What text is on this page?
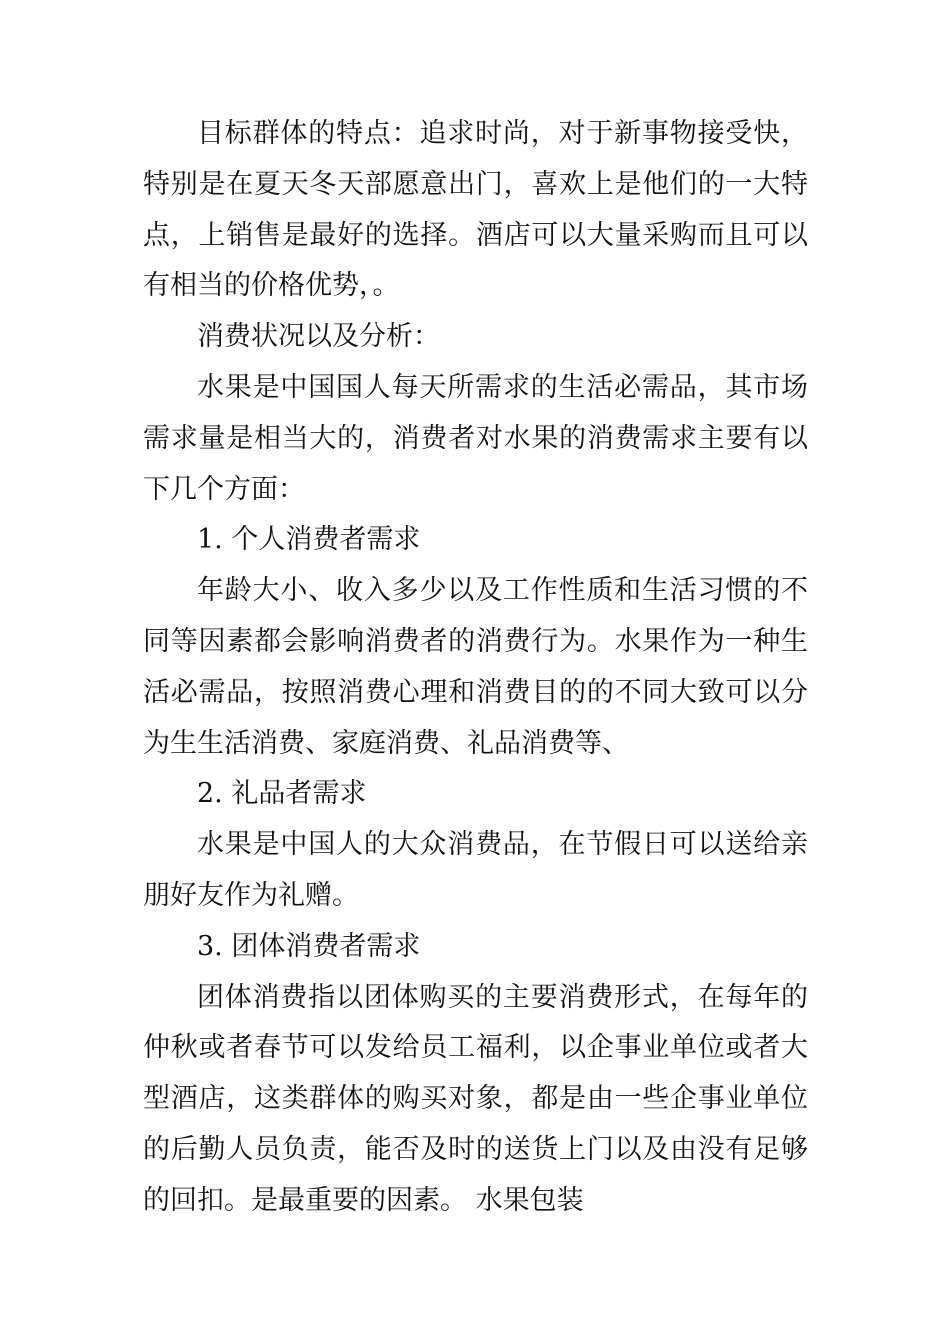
目标群体的特点：追求时尚，对于新事物接受快，特别是在夏天冬天部愿意出门，喜欢上是他们的一大特点，上销售是最好的选择。酒店可以大量采购而且可以有相当的价格优势，。

消费状况以及分析：

水果是中国国人每天所需求的生活必需品，其市场需求量是相当大的，消费者对水果的消费需求主要有以下几个方面：

1. 个人消费者需求

年龄大小、收入多少以及工作性质和生活习惯的不同等因素都会影响消费者的消费行为。水果作为一种生活必需品，按照消费心理和消费目的的不同大致可以分为生生活消费、家庭消费、礼品消费等、

2. 礼品者需求

水果是中国人的大众消费品，在节假日可以送给亲朋好友作为礼赠。

3. 团体消费者需求

团体消费指以团体购买的主要消费形式，在每年的仲秋或者春节可以发给员工福利，以企事业单位或者大型酒店，这类群体的购买对象，都是由一些企事业单位的后勤人员负责，能否及时的送货上门以及由没有足够的回扣。是最重要的因素。 水果包装
